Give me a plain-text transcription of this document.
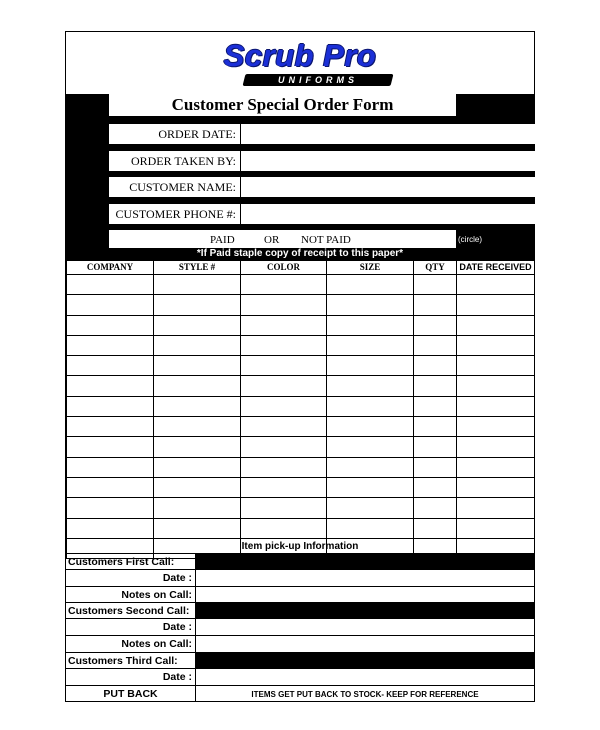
Scrub Pro
UNIFORMS
Customer Special Order Form
ORDER DATE:
ORDER TAKEN BY:
CUSTOMER NAME:
CUSTOMER PHONE #:
PAID	OR NOT PAID	(circle)
*If Paid staple copy of receipt to this paper*
COMPANY	STYLE #	COLOR	SIZE	QTY	DATE RECEIVED

Item pick-up Information
Customers First Call:
Date :
Notes on Call:
Customers Second Call:
Date :
Notes on Call:
Customers Third Call:
Date :
PUT BACK	ITEMS GET PUT BACK TO STOCK- KEEP FOR REFERENCE
